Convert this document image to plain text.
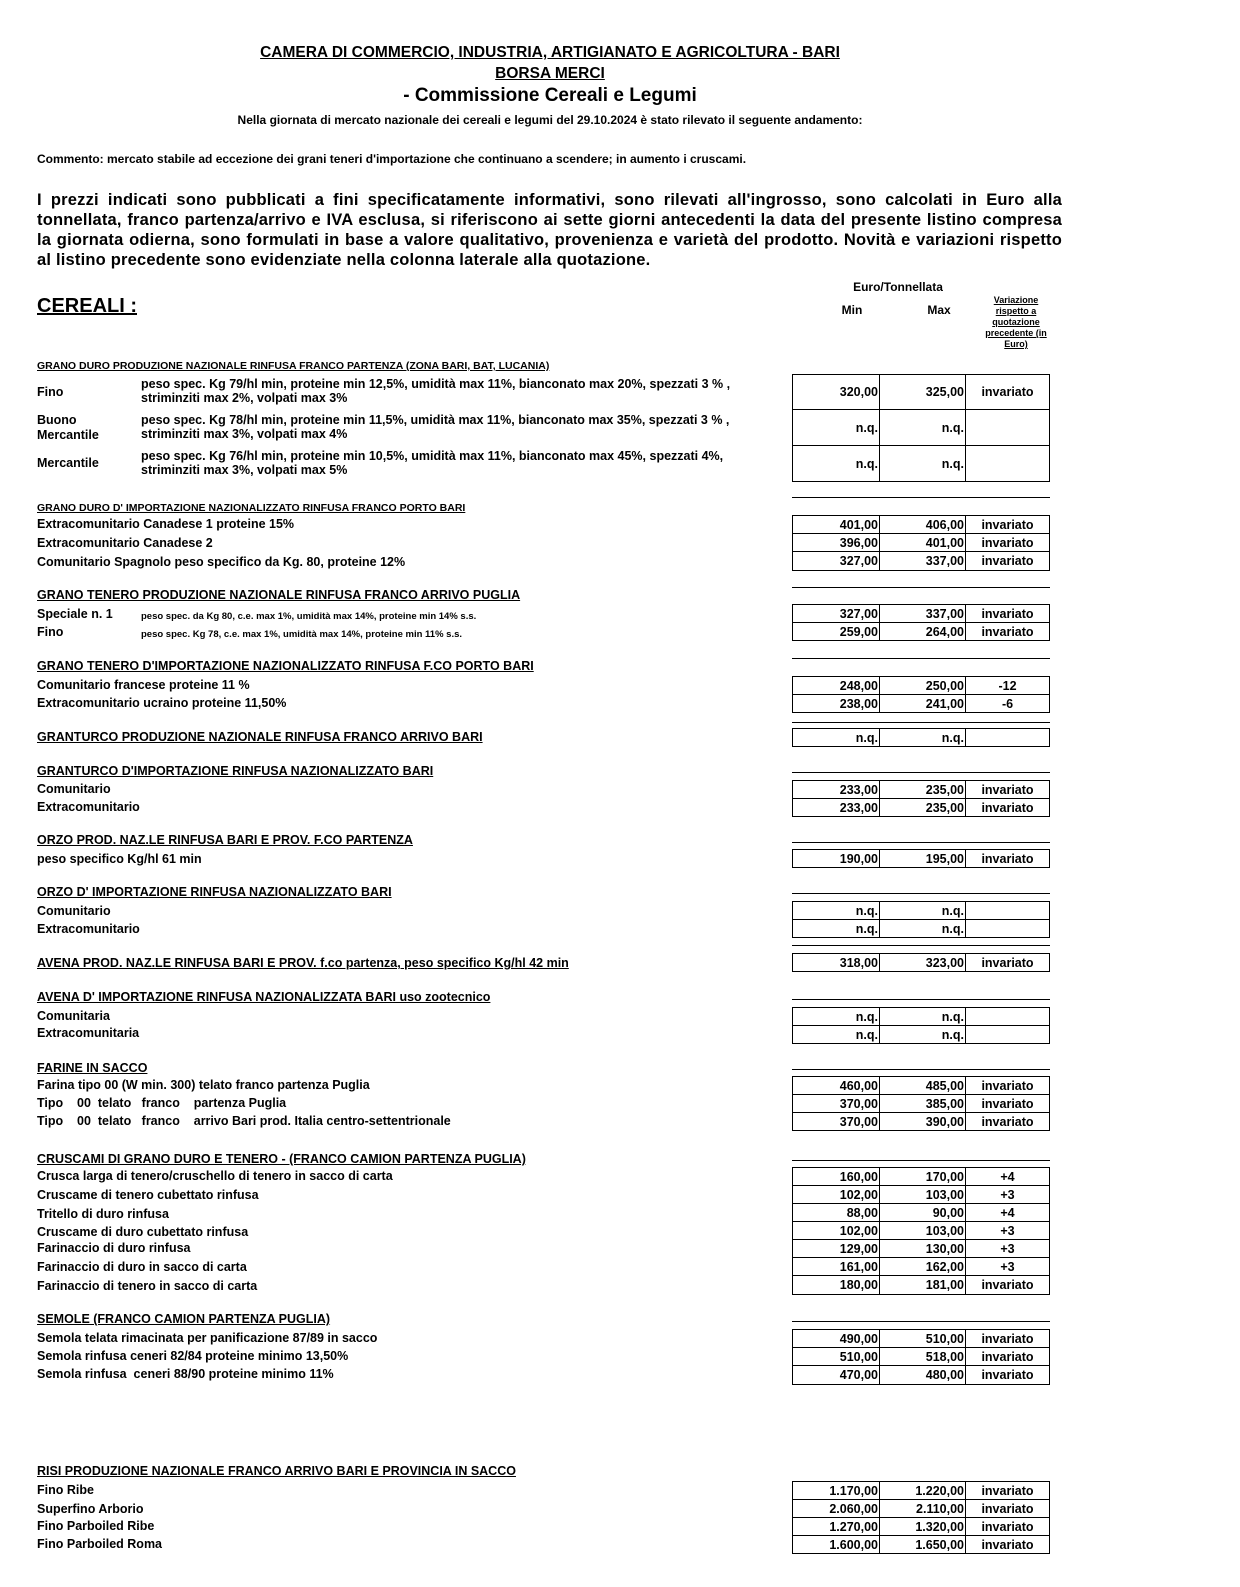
CAMERA DI COMMERCIO, INDUSTRIA, ARTIGIANATO E AGRICOLTURA - BARI
BORSA MERCI
- Commissione Cereali e Legumi
Nella giornata di mercato nazionale dei cereali e legumi del 29.10.2024 è stato rilevato il seguente andamento:
Commento: mercato stabile ad eccezione dei grani teneri d'importazione che continuano a scendere; in aumento i cruscami.
I prezzi indicati sono pubblicati a fini specificatamente informativi, sono rilevati all'ingrosso, sono calcolati in Euro alla tonnellata, franco partenza/arrivo e IVA esclusa, si riferiscono ai sette giorni antecedenti la data del presente listino compresa la giornata odierna, sono formulati in base a valore qualitativo, provenienza e varietà del prodotto. Novità e variazioni rispetto al listino precedente sono evidenziate nella colonna laterale alla quotazione.
CEREALI :
Euro/Tonnellata
Min	Max
Variazione rispetto a quotazione precedente (in Euro)
GRANO DURO PRODUZIONE NAZIONALE RINFUSA FRANCO PARTENZA (ZONA BARI, BAT, LUCANIA)
Fino
peso spec. Kg 79/hl min, proteine min 12,5%, umidità max 11%, bianconato max 20%, spezzati 3 % ,
striminziti max 2%, volpati max 3%	320,00	325,00	invariato
Buono Mercantile
peso spec. Kg 78/hl min, proteine min 11,5%, umidità max 11%, bianconato max 35%, spezzati 3 % ,
striminziti max 3%, volpati max 4%	n.q.	n.q.
Mercantile	peso spec. Kg 76/hl min, proteine min 10,5%, umidità max 11%, bianconato max 45%, spezzati 4%,
striminziti max 3%, volpati max 5%	n.q.	n.q.
GRANO DURO D' IMPORTAZIONE NAZIONALIZZATO RINFUSA FRANCO PORTO BARI
Extracomunitario Canadese 1 proteine 15%	401,00	406,00	invariato
Extracomunitario Canadese 2	396,00	401,00	invariato
Comunitario Spagnolo peso specifico da Kg. 80, proteine 12%	327,00	337,00	invariato
GRANO TENERO PRODUZIONE NAZIONALE RINFUSA FRANCO ARRIVO PUGLIA
Speciale n. 1	peso spec. da Kg 80, c.e. max 1%, umidità max 14%, proteine min 14% s.s.	327,00	337,00	invariato
Fino	peso spec. Kg 78, c.e. max 1%, umidità max 14%, proteine min 11% s.s.	259,00	264,00	invariato
GRANO TENERO D'IMPORTAZIONE NAZIONALIZZATO RINFUSA F.CO PORTO BARI
Comunitario francese proteine 11 %	248,00	250,00	-12
Extracomunitario ucraino proteine 11,50%	238,00	241,00	-6
GRANTURCO PRODUZIONE NAZIONALE RINFUSA FRANCO ARRIVO BARI	n.q.	n.q.
GRANTURCO D'IMPORTAZIONE RINFUSA NAZIONALIZZATO BARI
Comunitario	233,00	235,00	invariato
Extracomunitario	233,00	235,00	invariato
ORZO PROD. NAZ.LE RINFUSA BARI E PROV. F.CO PARTENZA
peso specifico Kg/hl 61 min	190,00	195,00	invariato
ORZO D' IMPORTAZIONE RINFUSA NAZIONALIZZATO BARI
Comunitario	n.q.	n.q.
Extracomunitario	n.q.	n.q.
AVENA PROD. NAZ.LE RINFUSA BARI E PROV. f.co partenza, peso specifico Kg/hl 42 min	318,00	323,00	invariato
AVENA D' IMPORTAZIONE RINFUSA NAZIONALIZZATA BARI uso zootecnico
Comunitaria	n.q.	n.q.
Extracomunitaria	n.q.	n.q.
FARINE IN SACCO
Farina tipo 00 (W min. 300) telato franco partenza Puglia	460,00	485,00	invariato
Tipo    00  telato   franco    partenza Puglia	370,00	385,00	invariato
Tipo    00  telato   franco    arrivo Bari prod. Italia centro-settentrionale	370,00	390,00	invariato
CRUSCAMI DI GRANO DURO E TENERO - (FRANCO CAMION PARTENZA PUGLIA)
Crusca larga di tenero/cruschello di tenero in sacco di carta	160,00	170,00	+4
Cruscame di tenero cubettato rinfusa	102,00	103,00	+3
Tritello di duro rinfusa	88,00	90,00	+4
Cruscame di duro cubettato rinfusa	102,00	103,00	+3
Farinaccio di duro rinfusa	129,00	130,00	+3
Farinaccio di duro in sacco di carta	161,00	162,00	+3
Farinaccio di tenero in sacco di carta	180,00	181,00	invariato
SEMOLE (FRANCO CAMION PARTENZA PUGLIA)
Semola telata rimacinata per panificazione 87/89 in sacco	490,00	510,00	invariato
Semola rinfusa ceneri 82/84 proteine minimo 13,50%	510,00	518,00	invariato
Semola rinfusa  ceneri 88/90 proteine minimo 11%	470,00	480,00	invariato
RISI PRODUZIONE NAZIONALE FRANCO ARRIVO BARI E PROVINCIA IN SACCO
Fino Ribe	1.170,00	1.220,00	invariato
Superfino Arborio	2.060,00	2.110,00	invariato
Fino Parboiled Ribe	1.270,00	1.320,00	invariato
Fino Parboiled Roma	1.600,00	1.650,00	invariato
